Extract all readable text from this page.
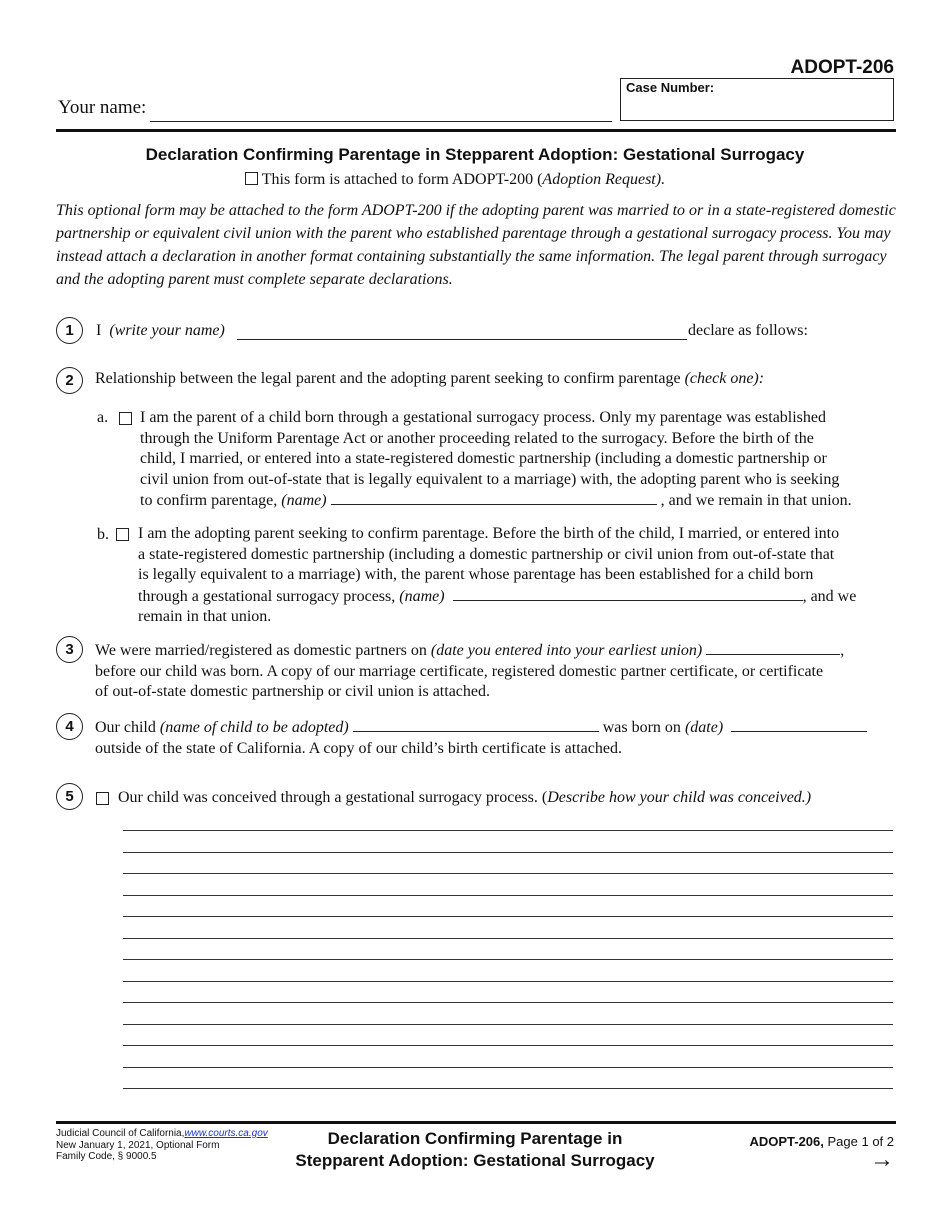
ADOPT-206
Case Number:
Your name:
Declaration Confirming Parentage in Stepparent Adoption: Gestational Surrogacy
This form is attached to form ADOPT-200 (Adoption Request).
This optional form may be attached to the form ADOPT-200 if the adopting parent was married to or in a state-registered domestic partnership or equivalent civil union with the parent who established parentage through a gestational surrogacy process. You may instead attach a declaration in another format containing substantially the same information. The legal parent through surrogacy and the adopting parent must complete separate declarations.
1	I (write your name)	declare as follows:
2	Relationship between the legal parent and the adopting parent seeking to confirm parentage (check one):
a. I am the parent of a child born through a gestational surrogacy process. Only my parentage was established
through the Uniform Parentage Act or another proceeding related to the surrogacy. Before the birth of the
child, I married, or entered into a state-registered domestic partnership (including a domestic partnership or
civil union from out-of-state that is legally equivalent to a marriage) with, the adopting parent who is seeking
to confirm parentage, (name)	, and we remain in that union.
b. I am the adopting parent seeking to confirm parentage. Before the birth of the child, I married, or entered into
a state-registered domestic partnership (including a domestic partnership or civil union from out-of-state that
is legally equivalent to a marriage) with, the parent whose parentage has been established for a child born
through a gestational surrogacy process, (name)	, and we
remain in that union.
3	We were married/registered as domestic partners on (date you entered into your earliest union)	,
before our child was born. A copy of our marriage certificate, registered domestic partner certificate, or certificate
of out-of-state domestic partnership or civil union is attached.
4	Our child (name of child to be adopted)	was born on (date)
outside of the state of California. A copy of our child’s birth certificate is attached.
5	Our child was conceived through a gestational surrogacy process. (Describe how your child was conceived.)
Judicial Council of California,www.courts.ca.gov
New January 1, 2021, Optional Form
Family Code, § 9000.5
Declaration Confirming Parentage in
Stepparent Adoption: Gestational Surrogacy
ADOPT-206, Page 1 of 2
→
